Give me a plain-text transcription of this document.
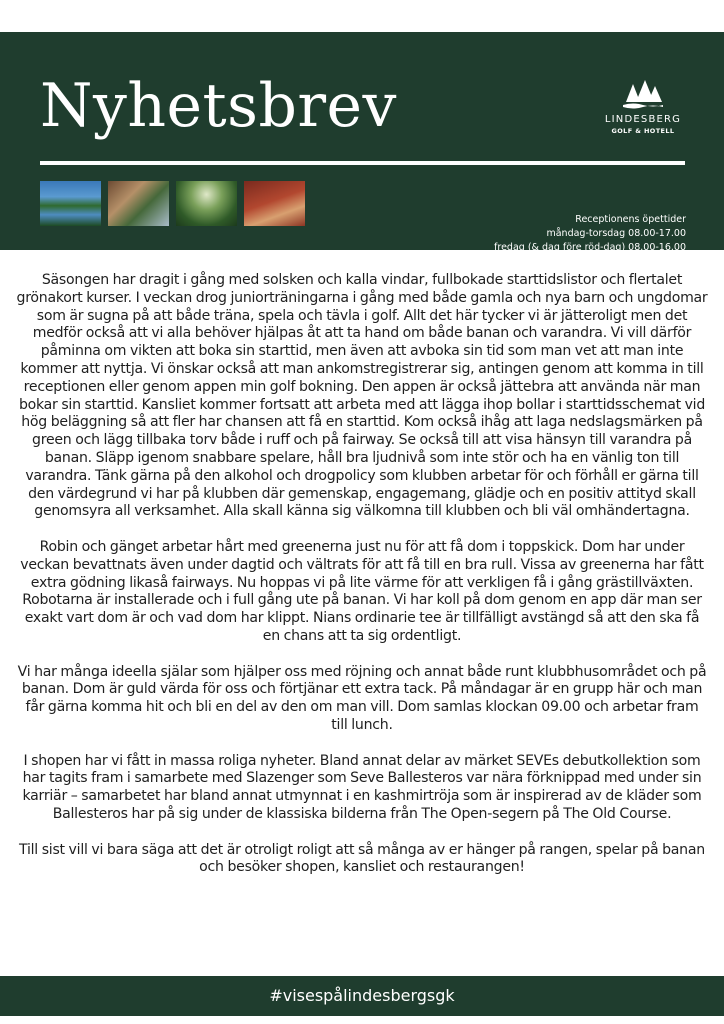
Nyhetsbrev	LINDESBERG
GOLF & HOTELL
Receptionens öpettider
måndag-torsdag 08.00-17.00
fredag (& dag före röd-dag) 08.00-16.00
lördag-söndag (& helgdagar) 08.00-14.00

Säsongen har dragit i gång med solsken och kalla vindar, fullbokade starttidslistor och flertalet grönakort kurser. I veckan drog juniorträningarna i gång med både gamla och nya barn och ungdomar som är sugna på att både träna, spela och tävla i golf. Allt det här tycker vi är jätteroligt men det medför också att vi alla behöver hjälpas åt att ta hand om både banan och varandra. Vi vill därför påminna om vikten att boka sin starttid, men även att avboka sin tid som man vet att man inte kommer att nyttja. Vi önskar också att man ankomstregistrerar sig, antingen genom att komma in till receptionen eller genom appen min golf bokning. Den appen är också jättebra att använda när man bokar sin starttid. Kansliet kommer fortsatt att arbeta med att lägga ihop bollar i starttidsschemat vid hög beläggning så att fler har chansen att få en starttid. Kom också ihåg att laga nedslagsmärken på green och lägg tillbaka torv både i ruff och på fairway. Se också till att visa hänsyn till varandra på banan. Släpp igenom snabbare spelare, håll bra ljudnivå som inte stör och ha en vänlig ton till varandra. Tänk gärna på den alkohol och drogpolicy som klubben arbetar för och förhåll er gärna till den värdegrund vi har på klubben där gemenskap, engagemang, glädje och en positiv attityd skall genomsyra all verksamhet. Alla skall känna sig välkomna till klubben och bli väl omhändertagna.

Robin och gänget arbetar hårt med greenerna just nu för att få dom i toppskick. Dom har under veckan bevattnats även under dagtid och vältrats för att få till en bra rull. Vissa av greenerna har fått extra gödning likaså fairways. Nu hoppas vi på lite värme för att verkligen få i gång grästillväxten. Robotarna är installerade och i full gång ute på banan. Vi har koll på dom genom en app där man ser exakt vart dom är och vad dom har klippt. Nians ordinarie tee är tillfälligt avstängd så att den ska få en chans att ta sig ordentligt.

Vi har många ideella själar som hjälper oss med röjning och annat både runt klubbhusområdet och på banan. Dom är guld värda för oss och förtjänar ett extra tack. På måndagar är en grupp här och man får gärna komma hit och bli en del av den om man vill. Dom samlas klockan 09.00 och arbetar fram till lunch.

I shopen har vi fått in massa roliga nyheter. Bland annat delar av märket SEVEs debutkollektion som har tagits fram i samarbete med Slazenger som Seve Ballesteros var nära förknippad med under sin karriär – samarbetet har bland annat utmynnat i en kashmirtröja som är inspirerad av de kläder som Ballesteros har på sig under de klassiska bilderna från The Open-segern på The Old Course.

Till sist vill vi bara säga att det är otroligt roligt att så många av er hänger på rangen, spelar på banan och besöker shopen, kansliet och restaurangen!

#visespålindesbergsgk
